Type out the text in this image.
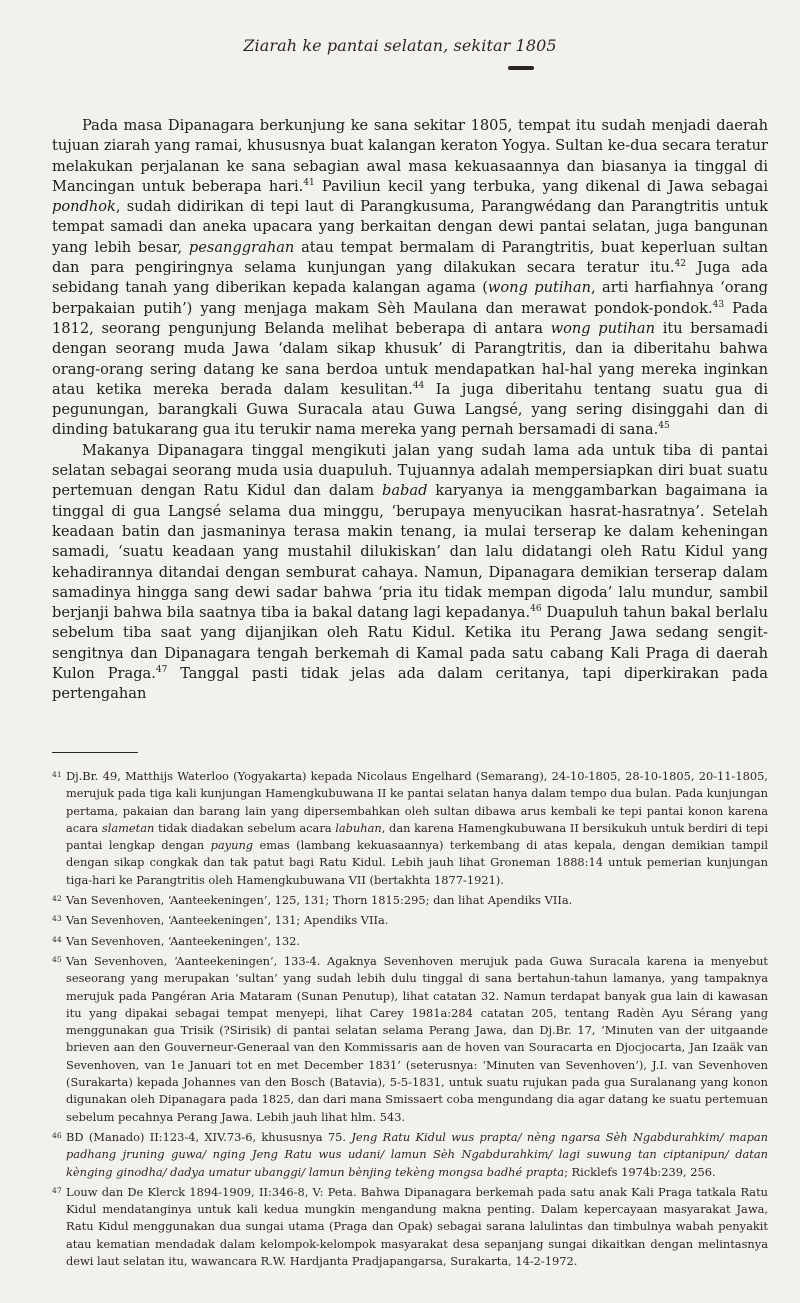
Ziarah ke pantai selatan, sekitar 1805

Pada masa Dipanagara berkunjung ke sana sekitar 1805, tempat itu sudah menjadi daerah tujuan ziarah yang ramai, khususnya buat kalangan keraton Yogya. Sultan ke-dua secara teratur melakukan perjalanan ke sana sebagian awal masa kekuasaannya dan biasanya ia tinggal di Mancingan untuk beberapa hari.$^{41}$ Paviliun kecil yang terbuka, yang dikenal di Jawa sebagai pondhok, sudah didirikan di tepi laut di Parangkusuma, Parangwédang dan Parangtritis untuk tempat samadi dan aneka upacara yang berkaitan dengan dewi pantai selatan, juga bangunan yang lebih besar, pesanggrahan atau tempat bermalam di Parangtritis, buat keperluan sultan dan para pengiringnya selama kunjungan yang dilakukan secara teratur itu.$^{42}$ Juga ada sebidang tanah yang diberikan kepada kalangan agama (wong putihan, arti harfiahnya ‘orang berpakaian putih’) yang menjaga makam Sèh Maulana dan merawat pondok-pondok.$^{43}$ Pada 1812, seorang pengunjung Belanda melihat beberapa di antara wong putihan itu bersamadi dengan seorang muda Jawa ‘dalam sikap khusuk’ di Parangtritis, dan ia diberitahu bahwa orang-orang sering datang ke sana berdoa untuk mendapatkan hal-hal yang mereka inginkan atau ketika mereka berada dalam kesulitan.$^{44}$ Ia juga diberitahu tentang suatu gua di pegunungan, barangkali Guwa Suracala atau Guwa Langsé, yang sering disinggahi dan di dinding batukarang gua itu terukir nama mereka yang pernah bersamadi di sana.$^{45}$

Makanya Dipanagara tinggal mengikuti jalan yang sudah lama ada untuk tiba di pantai selatan sebagai seorang muda usia duapuluh. Tujuannya adalah mempersiapkan diri buat suatu pertemuan dengan Ratu Kidul dan dalam babad karyanya ia menggambarkan bagaimana ia tinggal di gua Langsé selama dua minggu, ‘berupaya menyucikan hasrat-hasratnya’. Setelah keadaan batin dan jasmaninya terasa makin tenang, ia mulai terserap ke dalam keheningan samadi, ‘suatu keadaan yang mustahil dilukiskan’ dan lalu didatangi oleh Ratu Kidul yang kehadirannya ditandai dengan semburat cahaya. Namun, Dipanagara demikian terserap dalam samadinya hingga sang dewi sadar bahwa ‘pria itu tidak mempan digoda’ lalu mundur, sambil berjanji bahwa bila saatnya tiba ia bakal datang lagi kepadanya.$^{46}$ Duapuluh tahun bakal berlalu sebelum tiba saat yang dijanjikan oleh Ratu Kidul. Ketika itu Perang Jawa sedang sengit-sengitnya dan Dipanagara tengah berkemah di Kamal pada satu cabang Kali Praga di daerah Kulon Praga.$^{47}$ Tanggal pasti tidak jelas ada dalam ceritanya, tapi diperkirakan pada pertengahan

41 Dj.Br. 49, Matthijs Waterloo (Yogyakarta) kepada Nicolaus Engelhard (Semarang), 24-10-1805, 28-10-1805, 20-11-1805, merujuk pada tiga kali kunjungan Hamengkubuwana II ke pantai selatan hanya dalam tempo dua bulan. Pada kunjungan pertama, pakaian dan barang lain yang dipersembahkan oleh sultan dibawa arus kembali ke tepi pantai konon karena acara slametan tidak diadakan sebelum acara labuhan, dan karena Hamengkubuwana II bersikukuh untuk berdiri di tepi pantai lengkap dengan payung emas (lambang kekuasaannya) terkembang di atas kepala, dengan demikian tampil dengan sikap congkak dan tak patut bagi Ratu Kidul. Lebih jauh lihat Groneman 1888:14 untuk pemerian kunjungan tiga-hari ke Parangtritis oleh Hamengkubuwana VII (bertakhta 1877-1921).
42 Van Sevenhoven, ‘Aanteekeningen’, 125, 131; Thorn 1815:295; dan lihat Apendiks VIIa.
43 Van Sevenhoven, ‘Aanteekeningen’, 131; Apendiks VIIa.
44 Van Sevenhoven, ‘Aanteekeningen’, 132.
45 Van Sevenhoven, ‘Aanteekeningen’, 133-4. Agaknya Sevenhoven merujuk pada Guwa Suracala karena ia menyebut seseorang yang merupakan ‘sultan’ yang sudah lebih dulu tinggal di sana bertahun-tahun lamanya, yang tampaknya merujuk pada Pangéran Aria Mataram (Sunan Penutup), lihat catatan 32. Namun terdapat banyak gua lain di kawasan itu yang dipakai sebagai tempat menyepi, lihat Carey 1981a:284 catatan 205, tentang Radèn Ayu Sérang yang menggunakan gua Trisik (?Sirisik) di pantai selatan selama Perang Jawa, dan Dj.Br. 17, ‘Minuten van der uitgaande brieven aan den Gouverneur-Generaal van den Kommissaris aan de hoven van Souracarta en Djocjocarta, Jan Izaäk van Sevenhoven, van 1e Januari tot en met December 1831’ (seterusnya: ‘Minuten van Sevenhoven’), J.I. van Sevenhoven (Surakarta) kepada Johannes van den Bosch (Batavia), 5-5-1831, untuk suatu rujukan pada gua Suralanang yang konon digunakan oleh Dipanagara pada 1825, dan dari mana Smissaert coba mengundang dia agar datang ke suatu pertemuan sebelum pecahnya Perang Jawa. Lebih jauh lihat hlm. 543.
46 BD (Manado) II:123-4, XIV.73-6, khususnya 75. Jeng Ratu Kidul wus prapta/ nèng ngarsa Sèh Ngabdurahkim/ mapan padhang jruning guwa/ nging Jeng Ratu wus udani/ lamun Sèh Ngabdurahkim/ lagi suwung tan ciptanipun/ datan kènging ginodha/ dadya umatur ubanggi/ lamun bènjing tekèng mongsa badhé prapta; Ricklefs 1974b:239, 256.
47 Louw dan De Klerck 1894-1909, II:346-8, V: Peta. Bahwa Dipanagara berkemah pada satu anak Kali Praga tatkala Ratu Kidul mendatanginya untuk kali kedua mungkin mengandung makna penting. Dalam kepercayaan masyarakat Jawa, Ratu Kidul menggunakan dua sungai utama (Praga dan Opak) sebagai sarana lalulintas dan timbulnya wabah penyakit atau kematian mendadak dalam kelompok-kelompok masyarakat desa sepanjang sungai dikaitkan dengan melintasnya dewi laut selatan itu, wawancara R.W. Hardjanta Pradjapangarsa, Surakarta, 14-2-1972.
